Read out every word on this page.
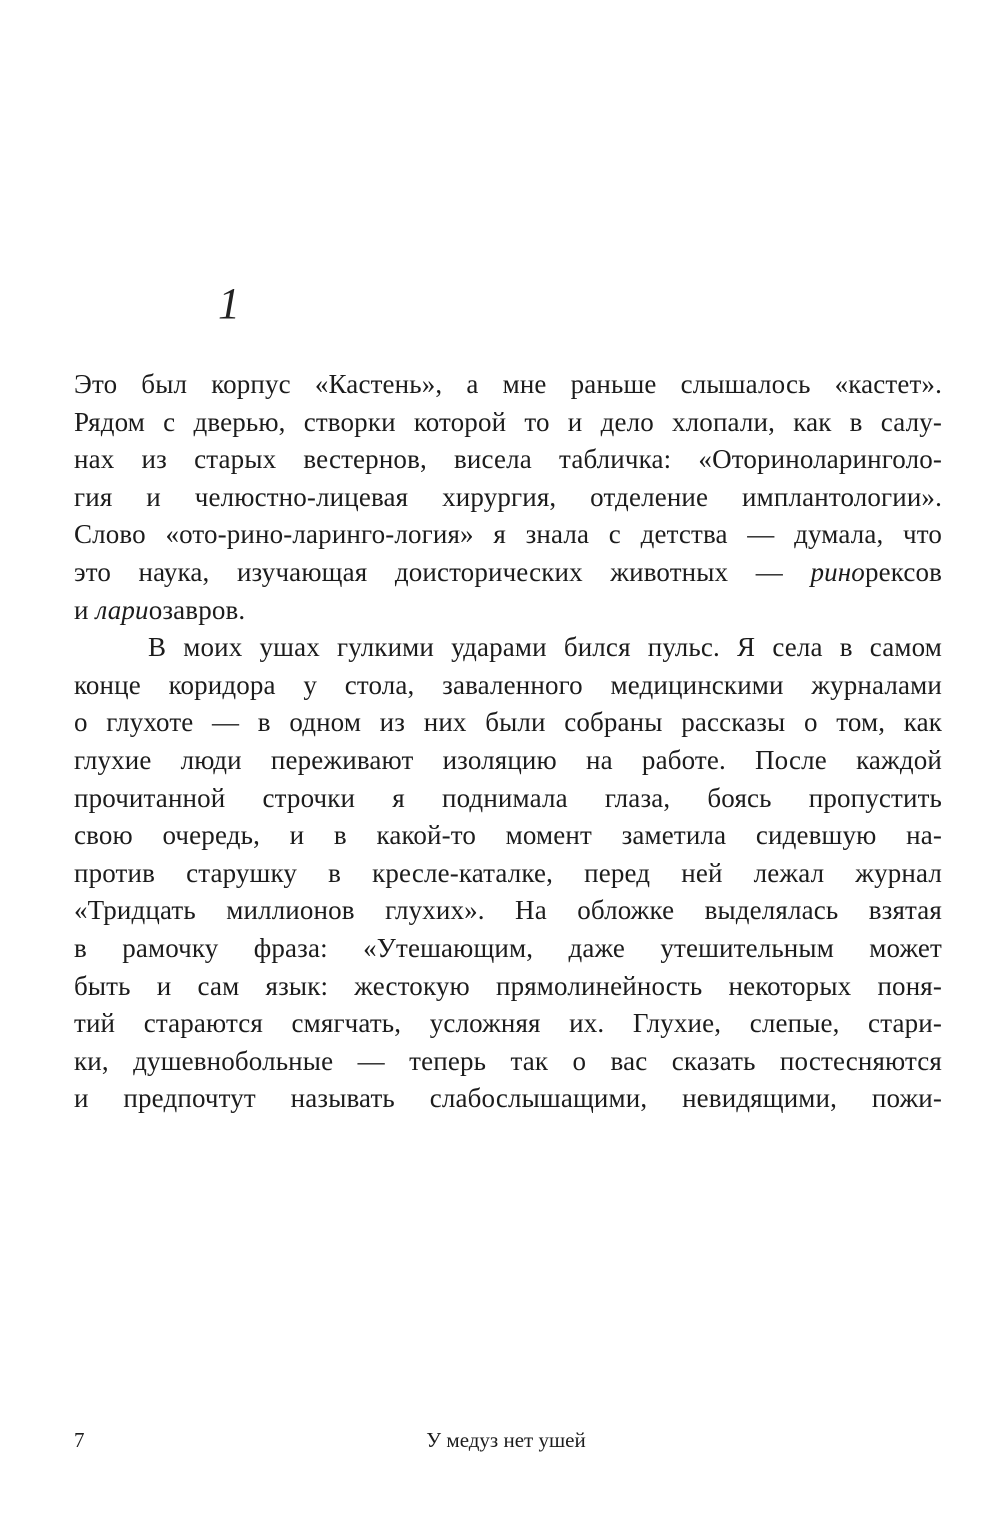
1
Это был корпус «Кастень», а мне раньше слышалось «кастет».
Рядом с дверью, створки которой то и дело хлопали, как в салу-
нах из старых вестернов, висела табличка: «Оториноларинголо-
гия и челюстно-лицевая хирургия, отделение имплантологии».
Слово «ото-рино-ларинго-логия» я знала с детства — думала, что
это наука, изучающая доисторических животных — ринорексов
и лариозавров.
В моих ушах гулкими ударами бился пульс. Я села в самом
конце коридора у стола, заваленного медицинскими журналами
о глухоте — в одном из них были собраны рассказы о том, как
глухие люди переживают изоляцию на работе. После каждой
прочитанной строчки я поднимала глаза, боясь пропустить
свою очередь, и в какой-то момент заметила сидевшую на-
против старушку в кресле-каталке, перед ней лежал журнал
«Тридцать миллионов глухих». На обложке выделялась взятая
в рамочку фраза: «Утешающим, даже утешительным может
быть и сам язык: жестокую прямолинейность некоторых поня-
тий стараются смягчать, усложняя их. Глухие, слепые, стари-
ки, душевнобольные — теперь так о вас сказать постесняются
и предпочтут называть слабослышащими, невидящими, пожи-
7	У медуз нет ушей
